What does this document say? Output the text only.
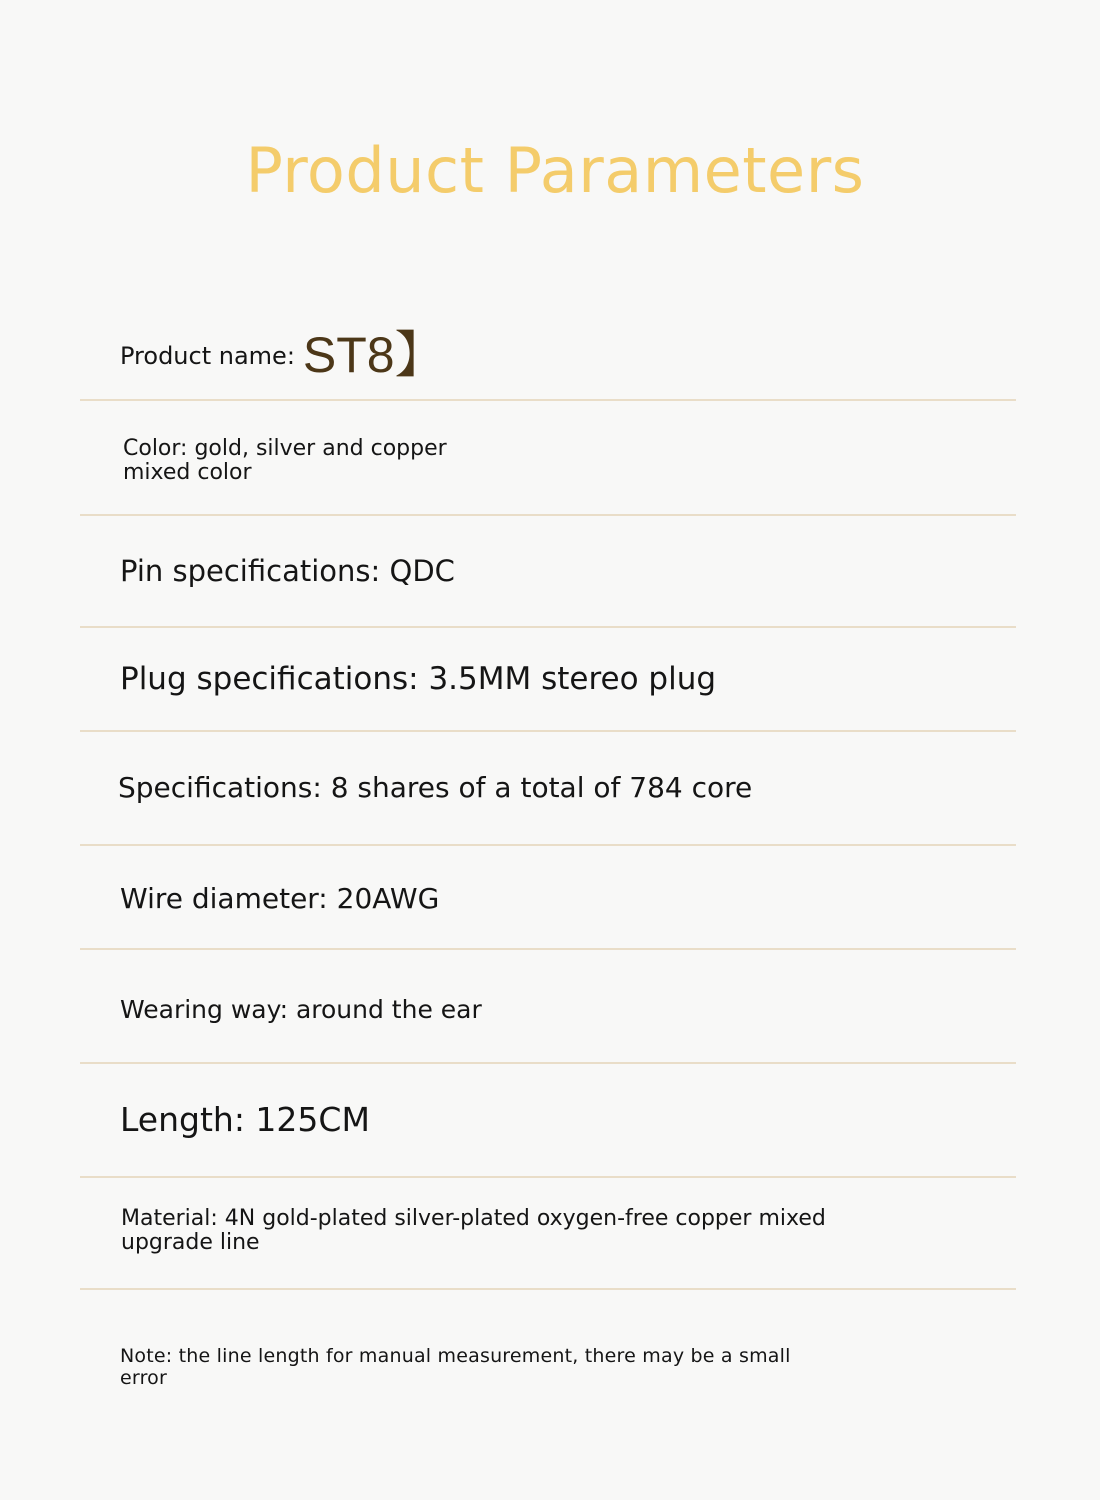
Product Parameters
Product name: ST8】
Color: gold, silver and copper
mixed color
Pin specifications: QDC
Plug specifications: 3.5MM stereo plug
Specifications: 8 shares of a total of 784 core
Wire diameter: 20AWG
Wearing way: around the ear
Length: 125CM
Material: 4N gold-plated silver-plated oxygen-free copper mixed
upgrade line
Note: the line length for manual measurement, there may be a small
error
